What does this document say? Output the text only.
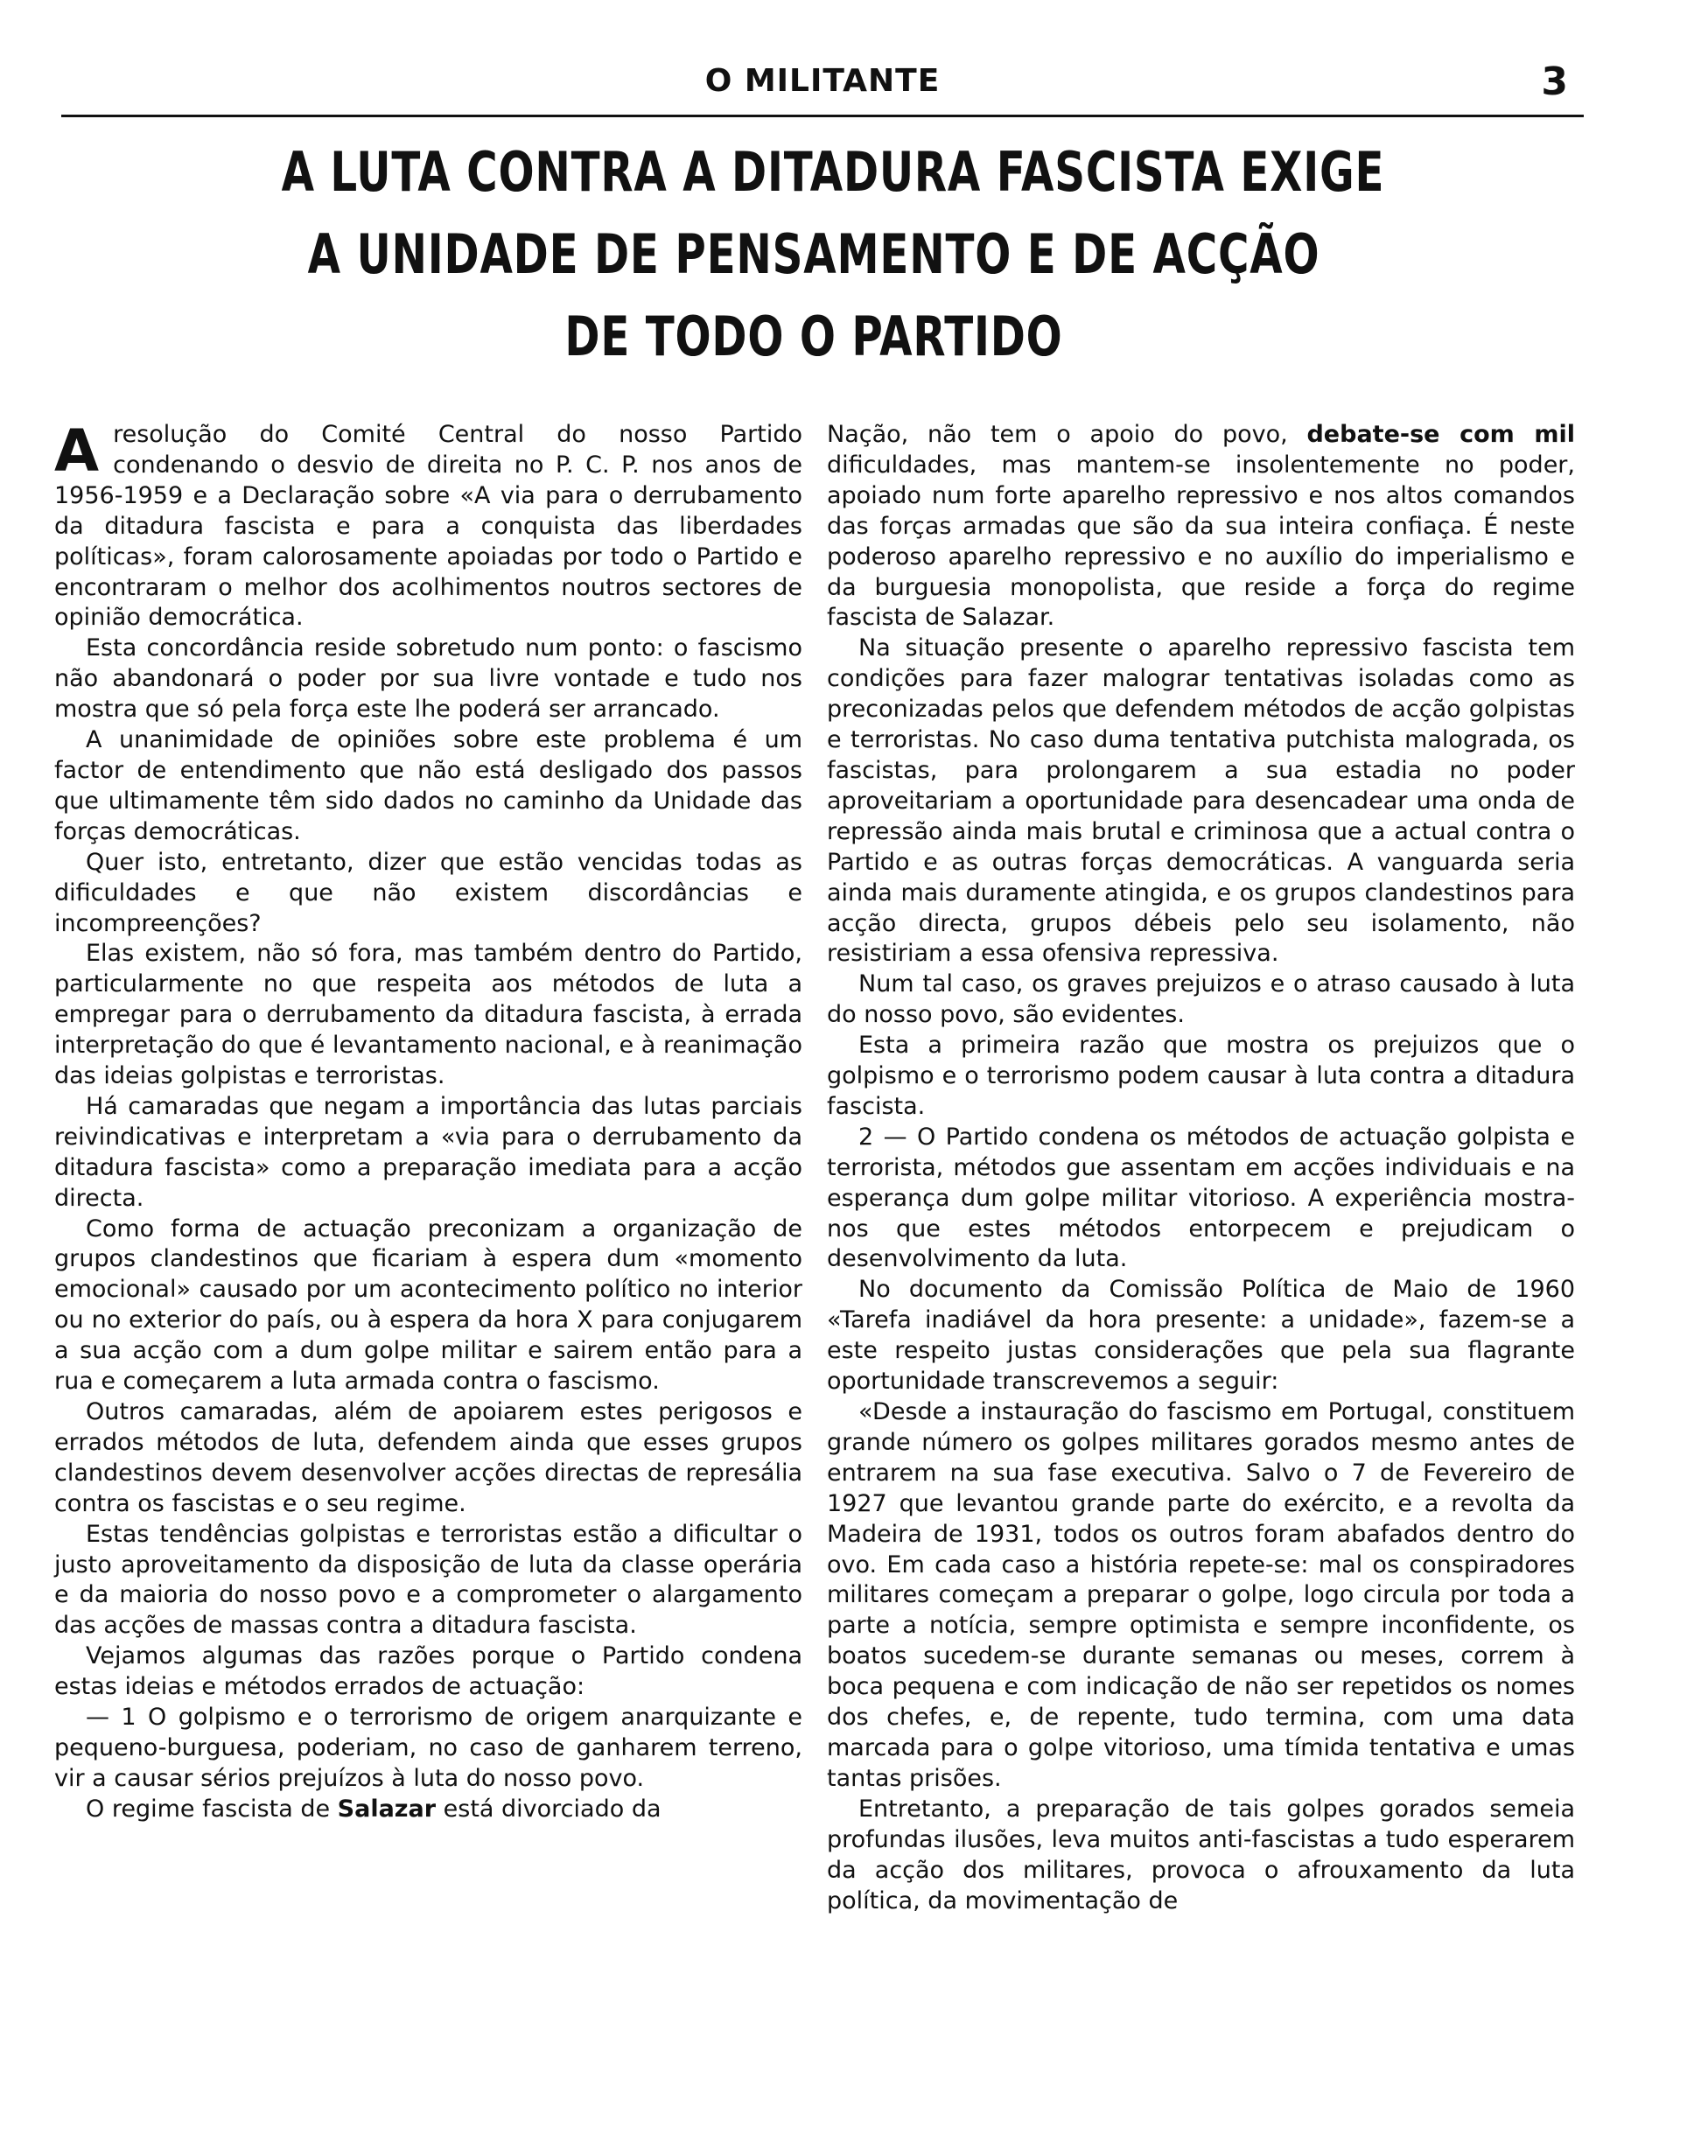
O MILITANTE	3
A LUTA CONTRA A DITADURA FASCISTA EXIGE
A UNIDADE DE PENSAMENTO E DE ACÇÃO
DE TODO O PARTIDO

Aresolução do Comité Central do nosso Partido condenando o desvio de direita no P. C. P. nos anos de 1956-1959 e a Declaração sobre «A via para o derrubamento da ditadura fascista e para a conquista das liberdades políticas», foram calorosamente apoiadas por todo o Partido e encontraram o melhor dos acolhimentos noutros sectores de opinião democrática.

Esta concordância reside sobretudo num ponto: o fascismo não abandonará o poder por sua livre vontade e tudo nos mostra que só pela força este lhe poderá ser arrancado.

A unanimidade de opiniões sobre este problema é um factor de entendimento que não está desligado dos passos que ultimamente têm sido dados no caminho da Unidade das forças democráticas.

Quer isto, entretanto, dizer que estão vencidas todas as dificuldades e que não existem discordâncias e incompreenções?

Elas existem, não só fora, mas também dentro do Partido, particularmente no que respeita aos métodos de luta a empregar para o derrubamento da ditadura fascista, à errada interpretação do que é levantamento nacional, e à reanimação das ideias golpistas e terroristas.

Há camaradas que negam a importância das lutas parciais reivindicativas e interpretam a «via para o derrubamento da ditadura fascista» como a preparação imediata para a acção directa.

Como forma de actuação preconizam a organização de grupos clandestinos que ficariam à espera dum «momento emocional» causado por um acontecimento político no interior ou no exterior do país, ou à espera da hora X para conjugarem a sua acção com a dum golpe militar e sairem então para a rua e começarem a luta armada contra o fascismo.

Outros camaradas, além de apoiarem estes perigosos e errados métodos de luta, defendem ainda que esses grupos clandestinos devem desenvolver acções directas de represália contra os fascistas e o seu regime.

Estas tendências golpistas e terroristas estão a dificultar o justo aproveitamento da disposição de luta da classe operária e da maioria do nosso povo e a comprometer o alargamento das acções de massas contra a ditadura fascista.

Vejamos algumas das razões porque o Partido condena estas ideias e métodos errados de actuação:

— 1 O golpismo e o terrorismo de origem anarquizante e pequeno-burguesa, poderiam, no caso de ganharem terreno, vir a causar sérios prejuízos à luta do nosso povo.

O regime fascista de Salazar está divorciado da

Nação, não tem o apoio do povo, debate-se com mil dificuldades, mas mantem-se insolentemente no poder, apoiado num forte aparelho repressivo e nos altos comandos das forças armadas que são da sua inteira confiaça. É neste poderoso aparelho repressivo e no auxílio do imperialismo e da burguesia monopolista, que reside a força do regime fascista de Salazar.

Na situação presente o aparelho repressivo fascista tem condições para fazer malograr tentativas isoladas como as preconizadas pelos que defendem métodos de acção golpistas e terroristas. No caso duma tentativa putchista malograda, os fascistas, para prolongarem a sua estadia no poder aproveitariam a oportunidade para desencadear uma onda de repressão ainda mais brutal e criminosa que a actual contra o Partido e as outras forças democráticas. A vanguarda seria ainda mais duramente atingida, e os grupos clandestinos para acção directa, grupos débeis pelo seu isolamento, não resistiriam a essa ofensiva repressiva.

Num tal caso, os graves prejuizos e o atraso causado à luta do nosso povo, são evidentes.

Esta a primeira razão que mostra os prejuizos que o golpismo e o terrorismo podem causar à luta contra a ditadura fascista.

2 — O Partido condena os métodos de actuação golpista e terrorista, métodos gue assentam em acções individuais e na esperança dum golpe militar vitorioso. A experiência mostra-nos que estes métodos entorpecem e prejudicam o desenvolvimento da luta.

No documento da Comissão Política de Maio de 1960 «Tarefa inadiável da hora presente: a unidade», fazem-se a este respeito justas considerações que pela sua flagrante oportunidade transcrevemos a seguir:

«Desde a instauração do fascismo em Portugal, constituem grande número os golpes militares gorados mesmo antes de entrarem na sua fase executiva. Salvo o 7 de Fevereiro de 1927 que levantou grande parte do exército, e a revolta da Madeira de 1931, todos os outros foram abafados dentro do ovo. Em cada caso a história repete-se: mal os conspiradores militares começam a preparar o golpe, logo circula por toda a parte a notícia, sempre optimista e sempre inconfidente, os boatos sucedem-se durante semanas ou meses, correm à boca pequena e com indicação de não ser repetidos os nomes dos chefes, e, de repente, tudo termina, com uma data marcada para o golpe vitorioso, uma tímida tentativa e umas tantas prisões.

Entretanto, a preparação de tais golpes gorados semeia profundas ilusões, leva muitos anti-fascistas a tudo esperarem da acção dos militares, provoca o afrouxamento da luta política, da movimentação de
